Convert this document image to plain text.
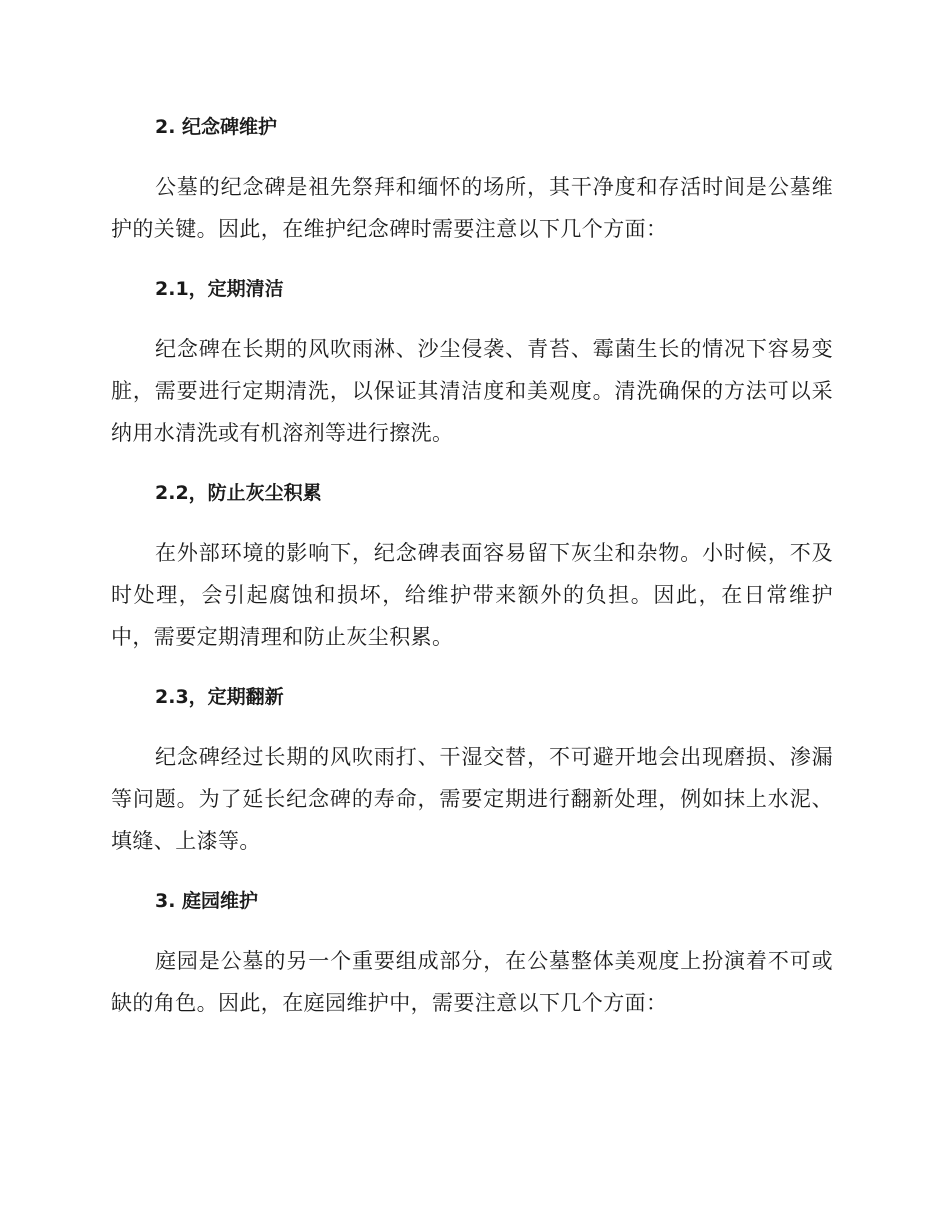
2. 纪念碑维护

公墓的纪念碑是祖先祭拜和缅怀的场所，其干净度和存活时间是公墓维护的关键。因此，在维护纪念碑时需要注意以下几个方面：

2.1，定期清洁

纪念碑在长期的风吹雨淋、沙尘侵袭、青苔、霉菌生长的情况下容易变脏，需要进行定期清洗，以保证其清洁度和美观度。清洗确保的方法可以采纳用水清洗或有机溶剂等进行擦洗。

2.2，防止灰尘积累

在外部环境的影响下，纪念碑表面容易留下灰尘和杂物。小时候，不及时处理，会引起腐蚀和损坏，给维护带来额外的负担。因此，在日常维护中，需要定期清理和防止灰尘积累。

2.3，定期翻新

纪念碑经过长期的风吹雨打、干湿交替，不可避开地会出现磨损、渗漏等问题。为了延长纪念碑的寿命，需要定期进行翻新处理，例如抹上水泥、填缝、上漆等。

3. 庭园维护

庭园是公墓的另一个重要组成部分，在公墓整体美观度上扮演着不可或缺的角色。因此，在庭园维护中，需要注意以下几个方面：
